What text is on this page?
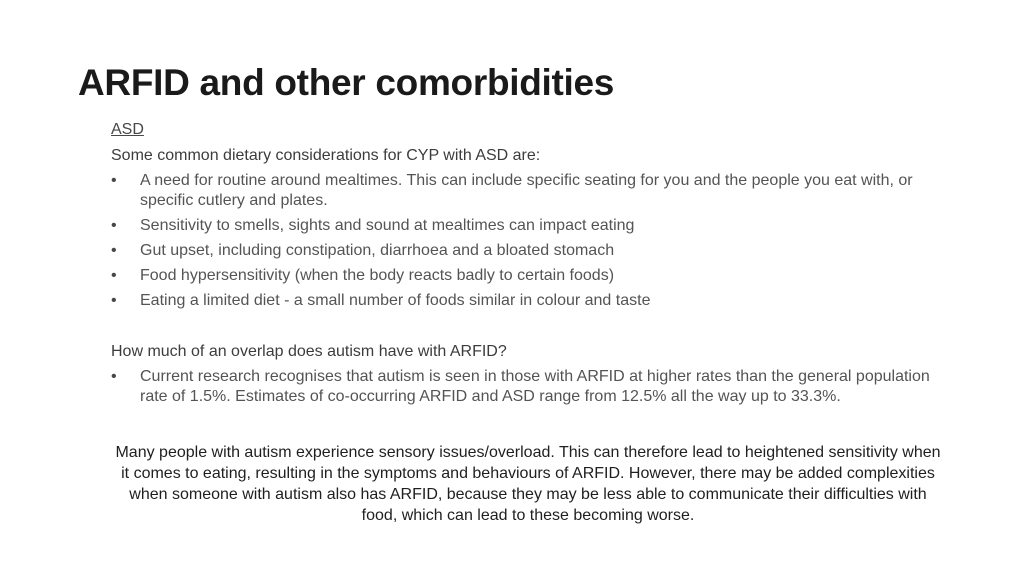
ARFID and other comorbidities
ASD
Some common dietary considerations for CYP with ASD are:
• A need for routine around mealtimes. This can include specific seating for you and the people you eat with, or specific cutlery and plates.
• Sensitivity to smells, sights and sound at mealtimes can impact eating
• Gut upset, including constipation, diarrhoea and a bloated stomach
• Food hypersensitivity (when the body reacts badly to certain foods)
• Eating a limited diet - a small number of foods similar in colour and taste
How much of an overlap does autism have with ARFID?
• Current research recognises that autism is seen in those with ARFID at higher rates than the general population rate of 1.5%. Estimates of co-occurring ARFID and ASD range from 12.5% all the way up to 33.3%.

Many people with autism experience sensory issues/overload. This can therefore lead to heightened sensitivity when it comes to eating, resulting in the symptoms and behaviours of ARFID. However, there may be added complexities when someone with autism also has ARFID, because they may be less able to communicate their difficulties with food, which can lead to these becoming worse.
